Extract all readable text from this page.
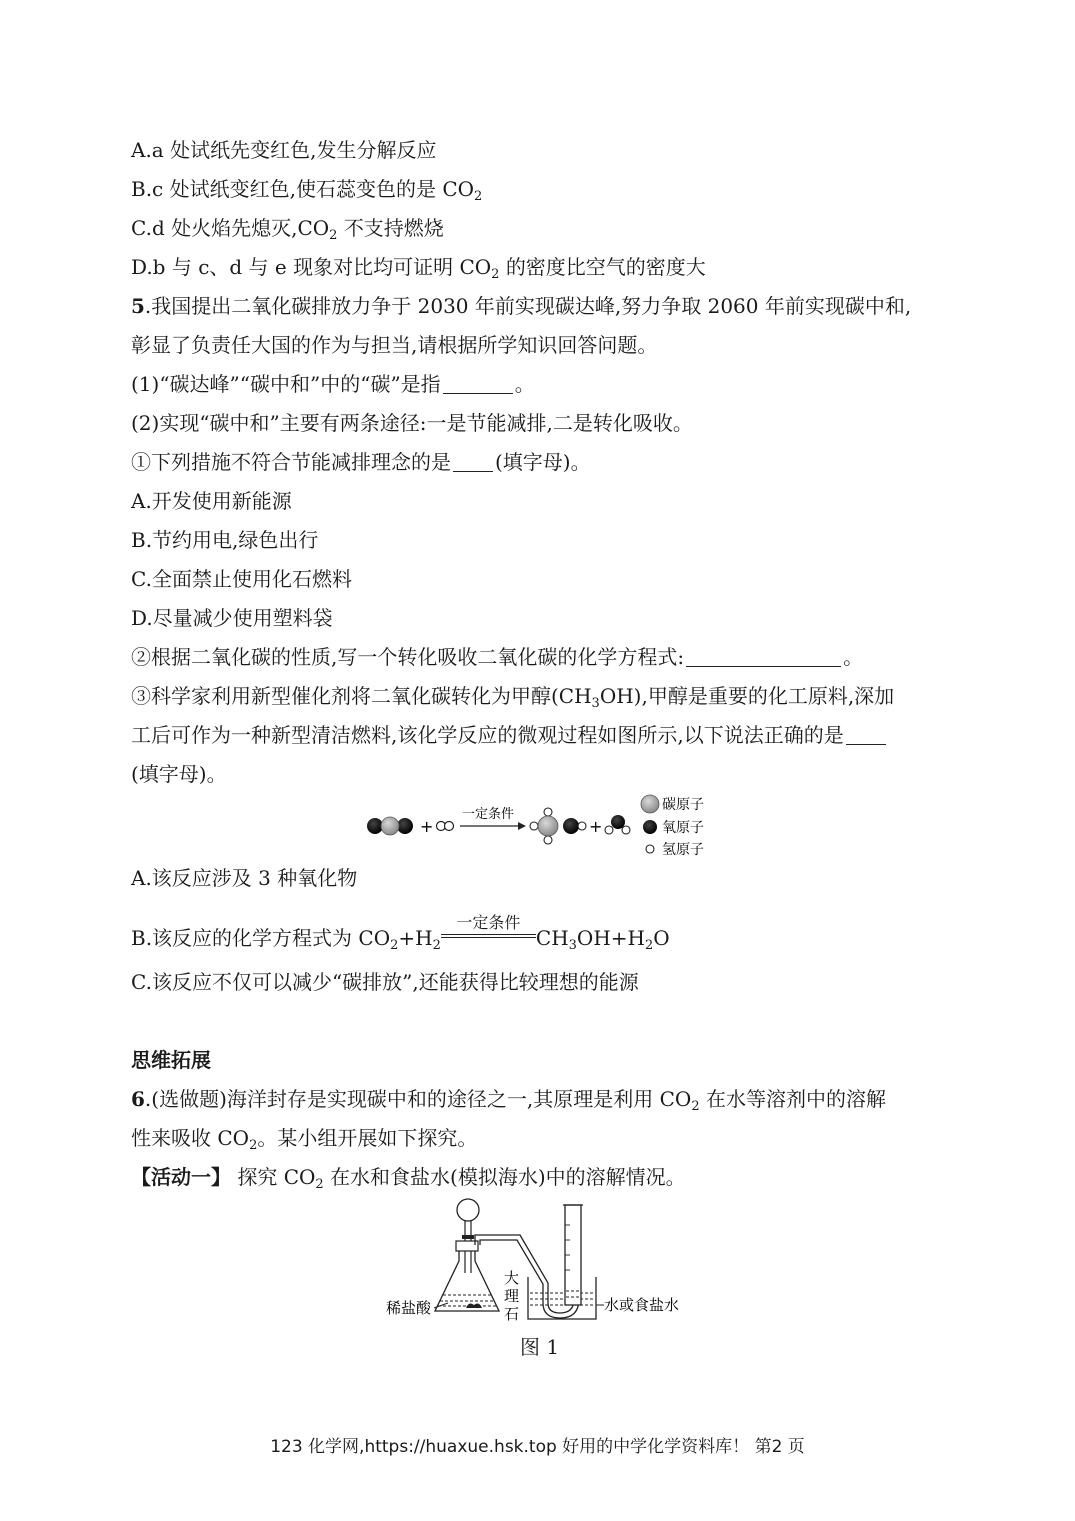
A.a 处试纸先变红色,发生分解反应
B.c 处试纸变红色,使石蕊变色的是 $CO_2$
C.d 处火焰先熄灭$,CO_2$ 不支持燃烧
D.b 与 c、d 与 e 现象对比均可证明 $CO_2$ 的密度比空气的密度大
5.我国提出二氧化碳排放力争于 2030 年前实现碳达峰,努力争取 2060 年前实现碳中和,
彰显了负责任大国的作为与担当,请根据所学知识回答问题。
(1)“碳达峰”“碳中和”中的“碳”是指	。
(2)实现“碳中和”主要有两条途径:一是节能减排,二是转化吸收。
①下列措施不符合节能减排理念的是 (填字母)。
A.开发使用新能源
B.节约用电,绿色出行
C.全面禁止使用化石燃料
D.尽量减少使用塑料袋
②根据二氧化碳的性质,写一个转化吸收二氧化碳的化学方程式:	。
③科学家利用新型催化剂将二氧化碳转化为甲醇$(CH_3OH)$,甲醇是重要的化工原料,深加
工后可作为一种新型清洁燃料,该化学反应的微观过程如图所示,以下说法正确的是
(填字母)。
+
一定条件
+
碳原子
氧原子
氢原子
A.该反应涉及 3 种氧化物
B.该反应的化学方程式为 $CO_2+H_2$
一定条件
$CH_3OH+H_2O$
C.该反应不仅可以减少“碳排放”,还能获得比较理想的能源
思维拓展
6.(选做题)海洋封存是实现碳中和的途径之一,其原理是利用 $CO_2$ 在水等溶剂中的溶解
性来吸收 $CO_2$。某小组开展如下探究。
【活动一】 探究 $CO_2$ 在水和食盐水(模拟海水)中的溶解情况。
稀盐酸
大
理
石	水或食盐水
图 1
123 化学网,https://huaxue.hsk.top 好用的中学化学资料库！ 第2 页
